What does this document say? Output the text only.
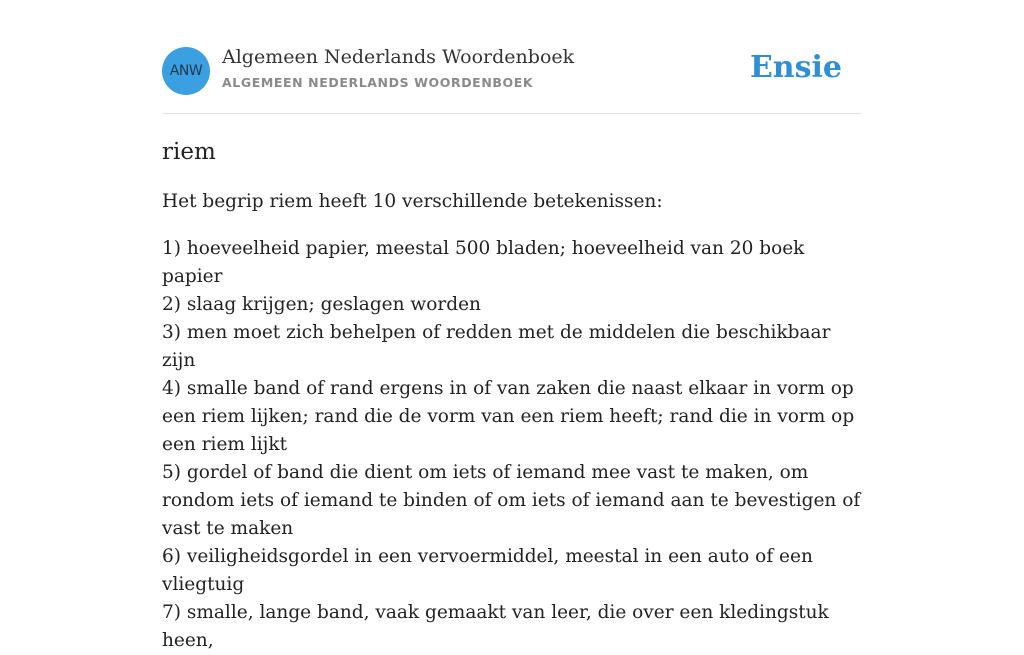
ANW
Algemeen Nederlands Woordenboek
ALGEMEEN NEDERLANDS WOORDENBOEK	Ensie
riem

Het begrip riem heeft 10 verschillende betekenissen:

1) hoeveelheid papier, meestal 500 bladen; hoeveelheid van 20 boek papier
2) slaag krijgen; geslagen worden
3) men moet zich behelpen of redden met de middelen die beschikbaar zijn
4) smalle band of rand ergens in of van zaken die naast elkaar in vorm op een riem lijken; rand die de vorm van een riem heeft; rand die in vorm op een riem lijkt
5) gordel of band die dient om iets of iemand mee vast te maken, om rondom iets of iemand te binden of om iets of iemand aan te bevestigen of vast te maken
6) veiligheidsgordel in een vervoermiddel, meestal in een auto of een vliegtuig
7) smalle, lange band, vaak gemaakt van leer, die over een kledingstuk heen,
